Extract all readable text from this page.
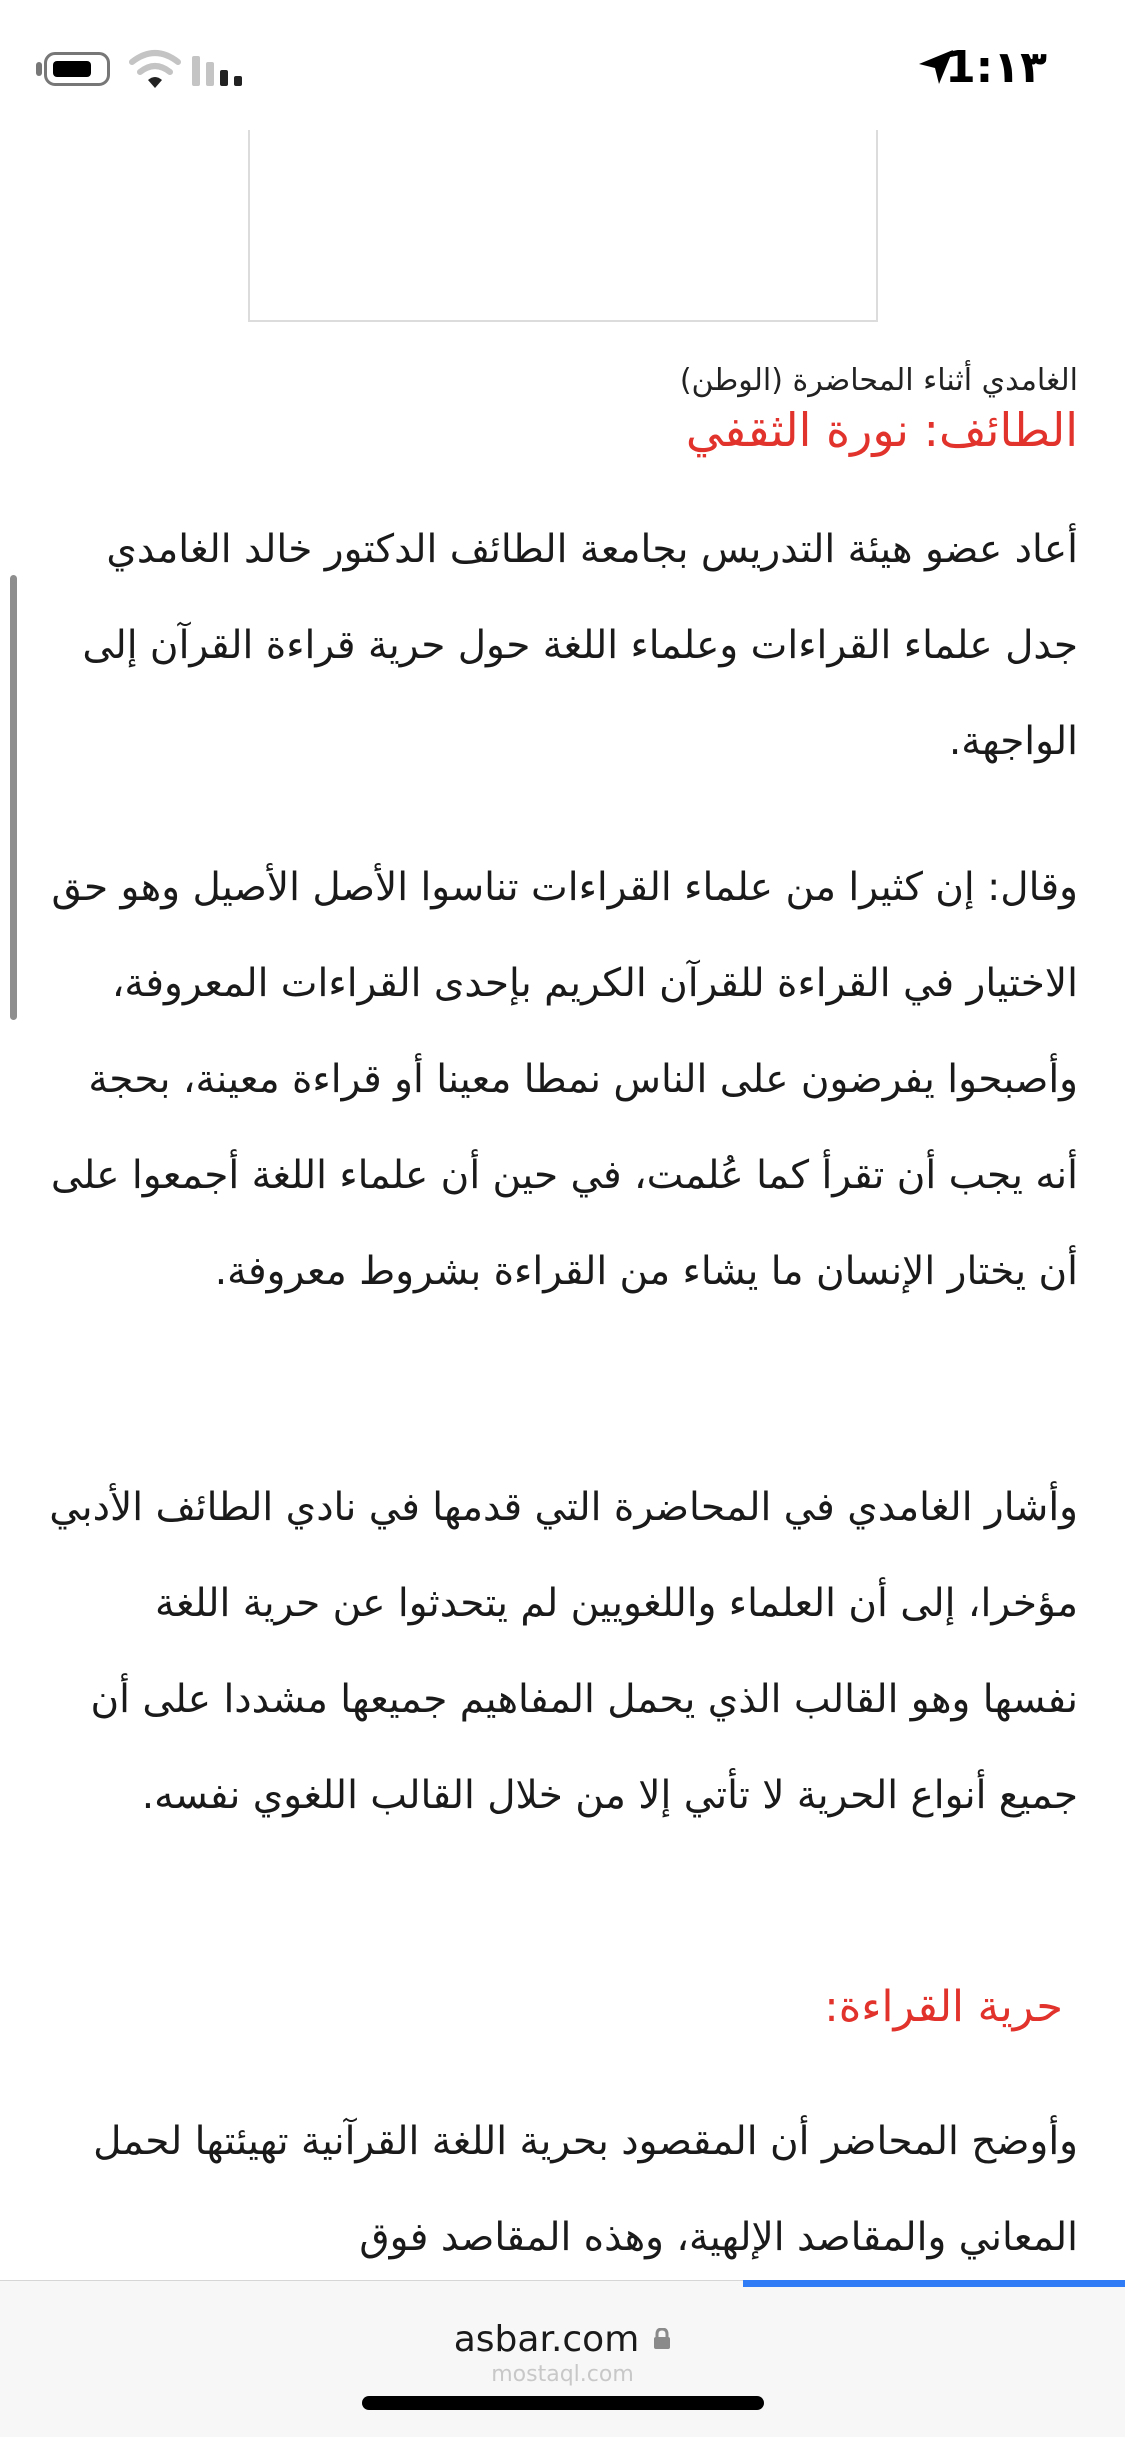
1:١٣
الغامدي أثناء المحاضرة (الوطن)
الطائف: نورة الثقفي

أعاد عضو هيئة التدريس بجامعة الطائف الدكتور خالد الغامدي جدل علماء القراءات وعلماء اللغة حول حرية قراءة القرآن إلى الواجهة.

وقال: إن كثيرا من علماء القراءات تناسوا الأصل الأصيل وهو حق الاختيار في القراءة للقرآن الكريم بإحدى القراءات المعروفة، وأصبحوا يفرضون على الناس نمطا معينا أو قراءة معينة، بحجة أنه يجب أن تقرأ كما عُلمت، في حين أن علماء اللغة أجمعوا على أن يختار الإنسان ما يشاء من القراءة بشروط معروفة.

وأشار الغامدي في المحاضرة التي قدمها في نادي الطائف الأدبي مؤخرا، إلى أن العلماء واللغويين لم يتحدثوا عن حرية اللغة نفسها وهو القالب الذي يحمل المفاهيم جميعها مشددا على أن جميع أنواع الحرية لا تأتي إلا من خلال القالب اللغوي نفسه.

حرية القراءة:

وأوضح المحاضر أن المقصود بحرية اللغة القرآنية تهيئتها لحمل المعاني والمقاصد الإلهية، وهذه المقاصد فوق

asbar.com
mostaql.com
